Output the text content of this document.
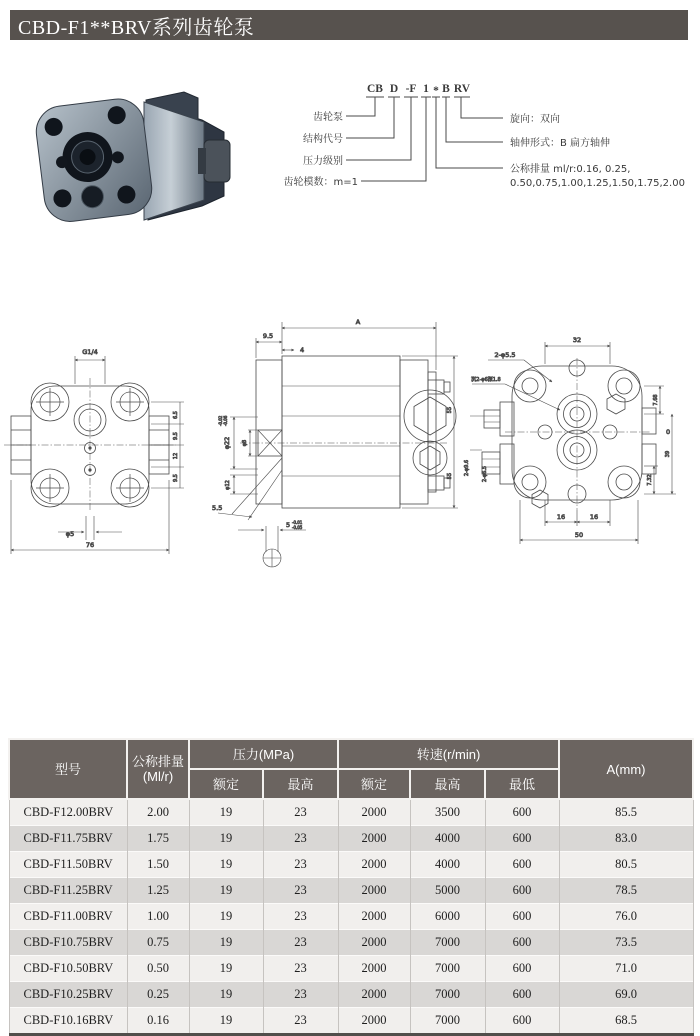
CBD-F1**BRV系列齿轮泵
CB D -F 1 * B RV
齿轮泵
结构代号
压力级别
齿轮模数：m=1
旋向：双向
轴伸形式：B 扁方轴伸
公称排量 ml/r:0.16, 0.25,
0.50,0.75,1.00,1.25,1.50,1.75,2.00
G1/4
φ5
76
6.5
9.5
12
9.5
9.5
A
4
φ22
-0.02 -0.06
φ8
φ12
5.5
55
55
5 -0.01
-0.05
32
2-φ5.5
沉2-φ6深1.8
7.68
0
39
7.32
16	16
50
2-φ9.6 2-φ6.5
型号	公称排量
(Ml/r)	压力(MPa)		转速(r/min)			A(mm)
		额定	最高	额定	最高	最低	
CBD-F12.00BRV	2.00	19	23	2000	3500	600	85.5
CBD-F11.75BRV	1.75	19	23	2000	4000	600	83.0
CBD-F11.50BRV	1.50	19	23	2000	4000	600	80.5
CBD-F11.25BRV	1.25	19	23	2000	5000	600	78.5
CBD-F11.00BRV	1.00	19	23	2000	6000	600	76.0
CBD-F10.75BRV	0.75	19	23	2000	7000	600	73.5
CBD-F10.50BRV	0.50	19	23	2000	7000	600	71.0
CBD-F10.25BRV	0.25	19	23	2000	7000	600	69.0
CBD-F10.16BRV	0.16	19	23	2000	7000	600	68.5
